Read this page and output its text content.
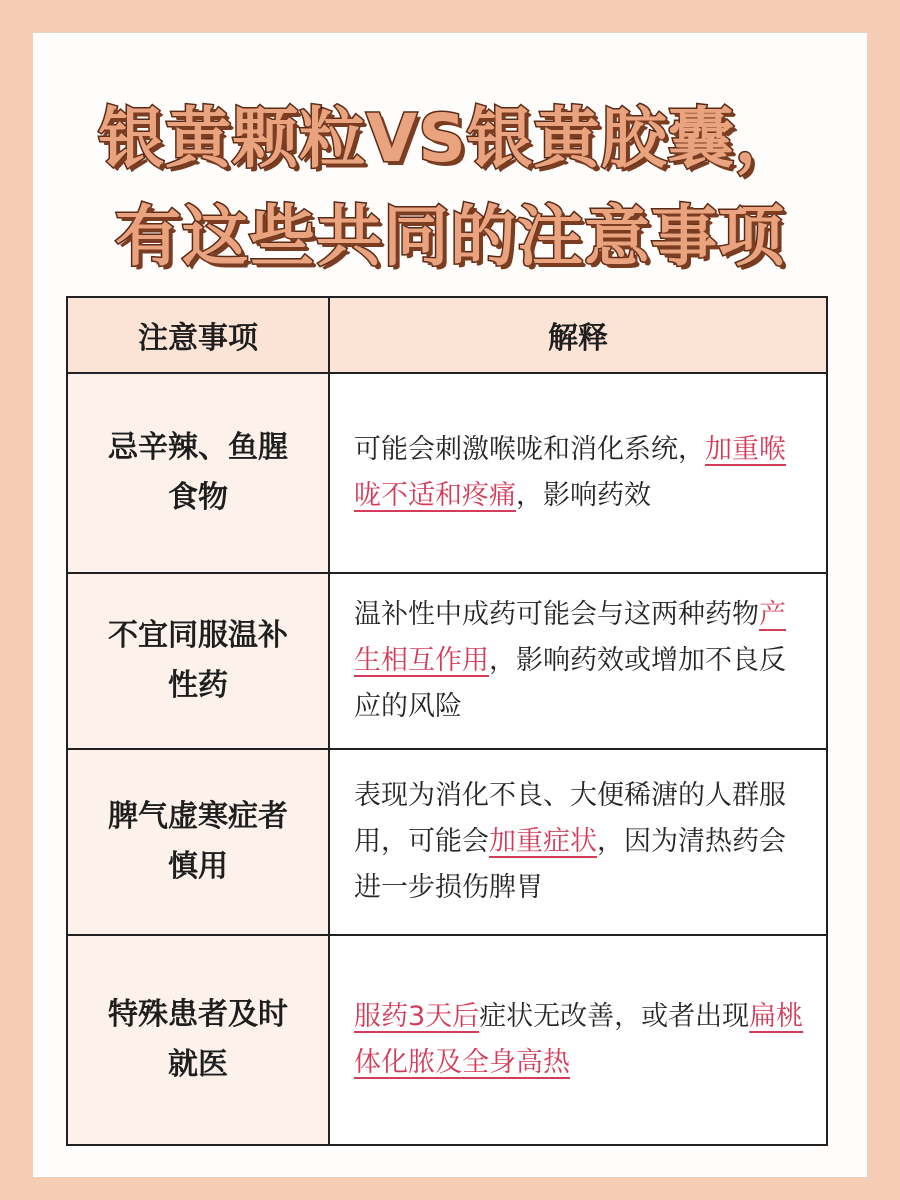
银黄颗粒VS银黄胶囊，
有这些共同的注意事项
注意事项	解释
忌辛辣、鱼腥食物	可能会刺激喉咙和消化系统，加重喉咙不适和疼痛，影响药效
不宜同服温补性药	温补性中成药可能会与这两种药物产生相互作用，影响药效或增加不良反应的风险
脾气虚寒症者慎用	表现为消化不良、大便稀溏的人群服用，可能会加重症状，因为清热药会进一步损伤脾胃
特殊患者及时就医	服药3天后症状无改善，或者出现扁桃体化脓及全身高热
